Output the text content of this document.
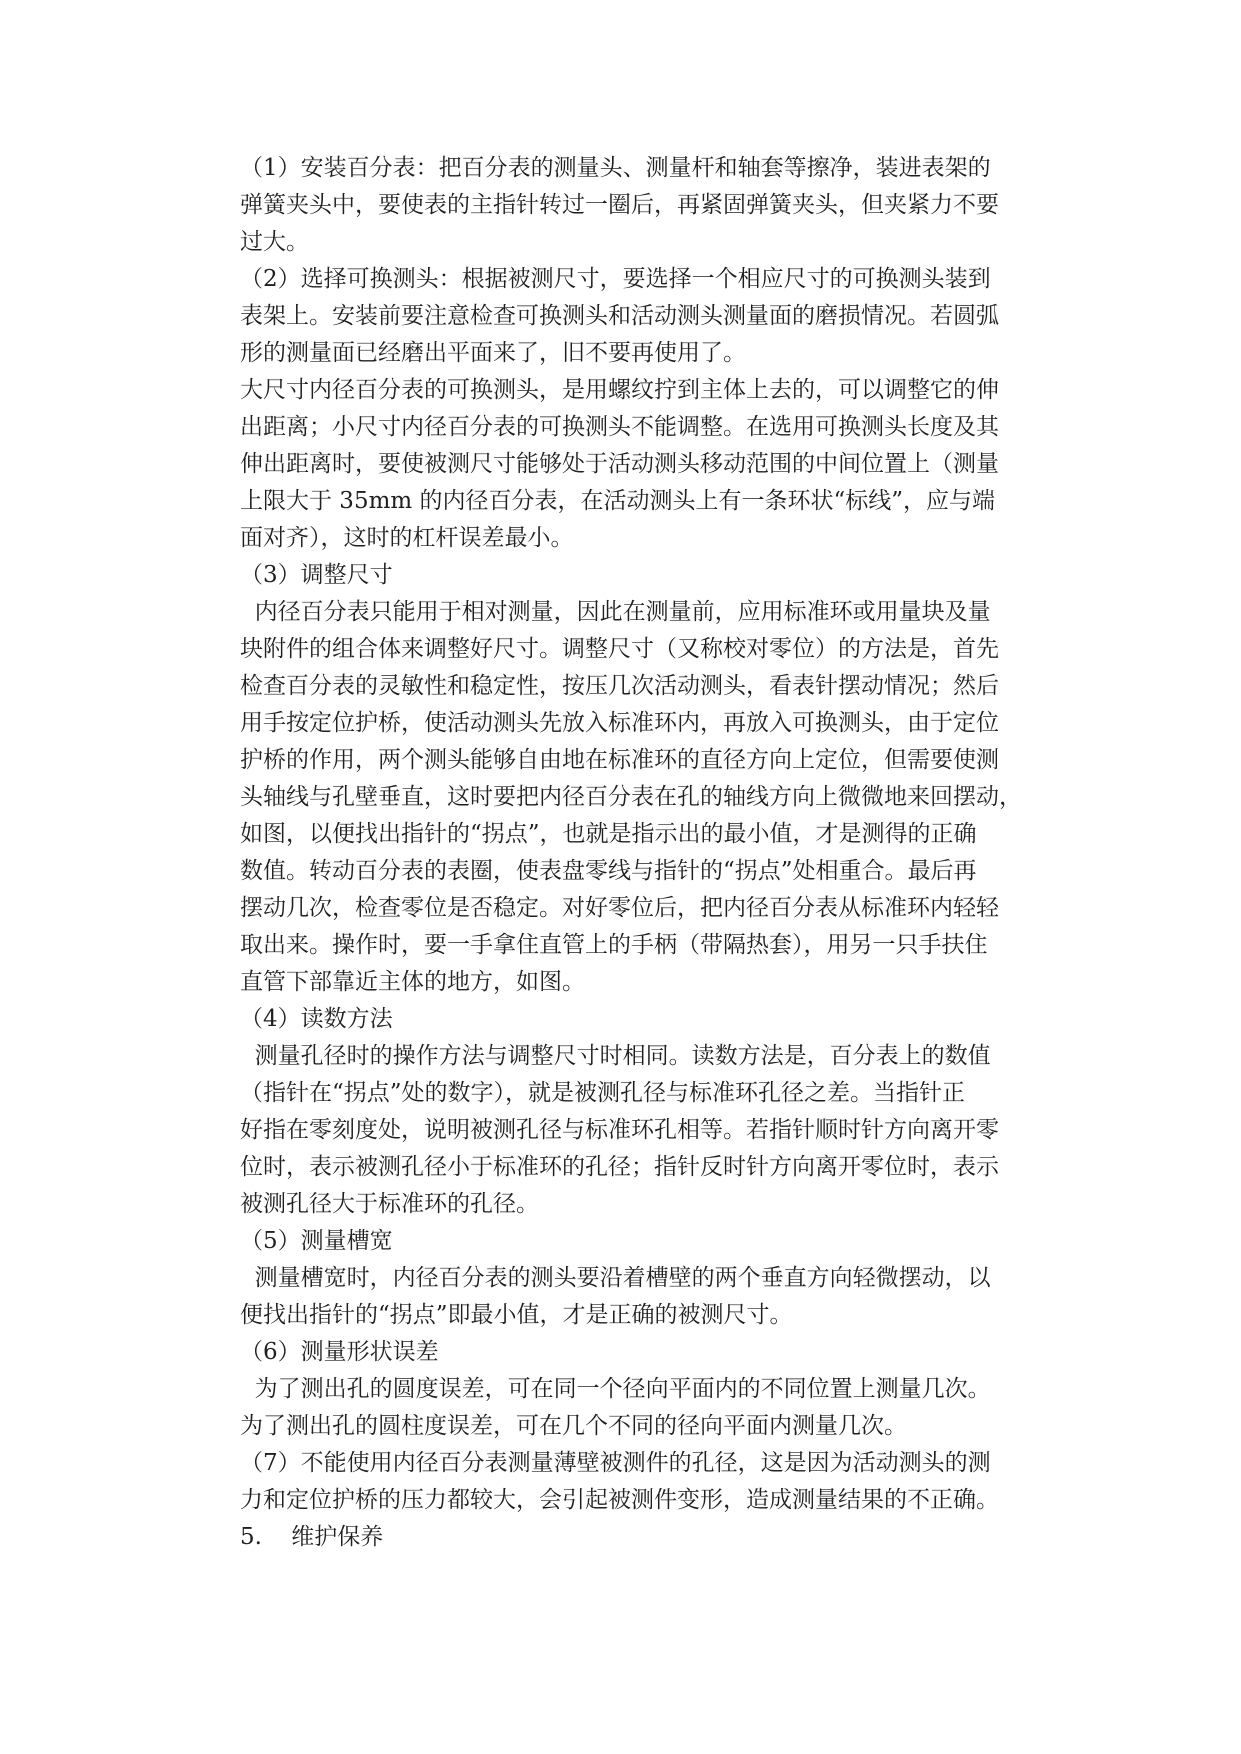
（1）安装百分表：把百分表的测量头、测量杆和轴套等擦净，装进表架的
弹簧夹头中，要使表的主指针转过一圈后，再紧固弹簧夹头，但夹紧力不要
过大。
（2）选择可换测头：根据被测尺寸，要选择一个相应尺寸的可换测头装到
表架上。安装前要注意检查可换测头和活动测头测量面的磨损情况。若圆弧
形的测量面已经磨出平面来了，旧不要再使用了。
大尺寸内径百分表的可换测头，是用螺纹拧到主体上去的，可以调整它的伸
出距离；小尺寸内径百分表的可换测头不能调整。在选用可换测头长度及其
伸出距离时，要使被测尺寸能够处于活动测头移动范围的中间位置上（测量
上限大于 35mm 的内径百分表，在活动测头上有一条环状“标线”，应与端
面对齐），这时的杠杆误差最小。
（3）调整尺寸
内径百分表只能用于相对测量，因此在测量前，应用标准环或用量块及量
块附件的组合体来调整好尺寸。调整尺寸（又称校对零位）的方法是，首先
检查百分表的灵敏性和稳定性，按压几次活动测头，看表针摆动情况；然后
用手按定位护桥，使活动测头先放入标准环内，再放入可换测头，由于定位
护桥的作用，两个测头能够自由地在标准环的直径方向上定位，但需要使测
头轴线与孔壁垂直，这时要把内径百分表在孔的轴线方向上微微地来回摆动，
如图，以便找出指针的“拐点”，也就是指示出的最小值，才是测得的正确
数值。转动百分表的表圈，使表盘零线与指针的“拐点”处相重合。最后再
摆动几次，检查零位是否稳定。对好零位后，把内径百分表从标准环内轻轻
取出来。操作时，要一手拿住直管上的手柄（带隔热套），用另一只手扶住
直管下部靠近主体的地方，如图。
（4）读数方法
测量孔径时的操作方法与调整尺寸时相同。读数方法是，百分表上的数值
（指针在“拐点”处的数字），就是被测孔径与标准环孔径之差。当指针正
好指在零刻度处，说明被测孔径与标准环孔相等。若指针顺时针方向离开零
位时，表示被测孔径小于标准环的孔径；指针反时针方向离开零位时，表示
被测孔径大于标准环的孔径。
（5）测量槽宽
测量槽宽时，内径百分表的测头要沿着槽壁的两个垂直方向轻微摆动，以
便找出指针的“拐点”即最小值，才是正确的被测尺寸。
（6）测量形状误差
为了测出孔的圆度误差，可在同一个径向平面内的不同位置上测量几次。
为了测出孔的圆柱度误差，可在几个不同的径向平面内测量几次。
（7）不能使用内径百分表测量薄壁被测件的孔径，这是因为活动测头的测
力和定位护桥的压力都较大，会引起被测件变形，造成测量结果的不正确。
5.    维护保养
